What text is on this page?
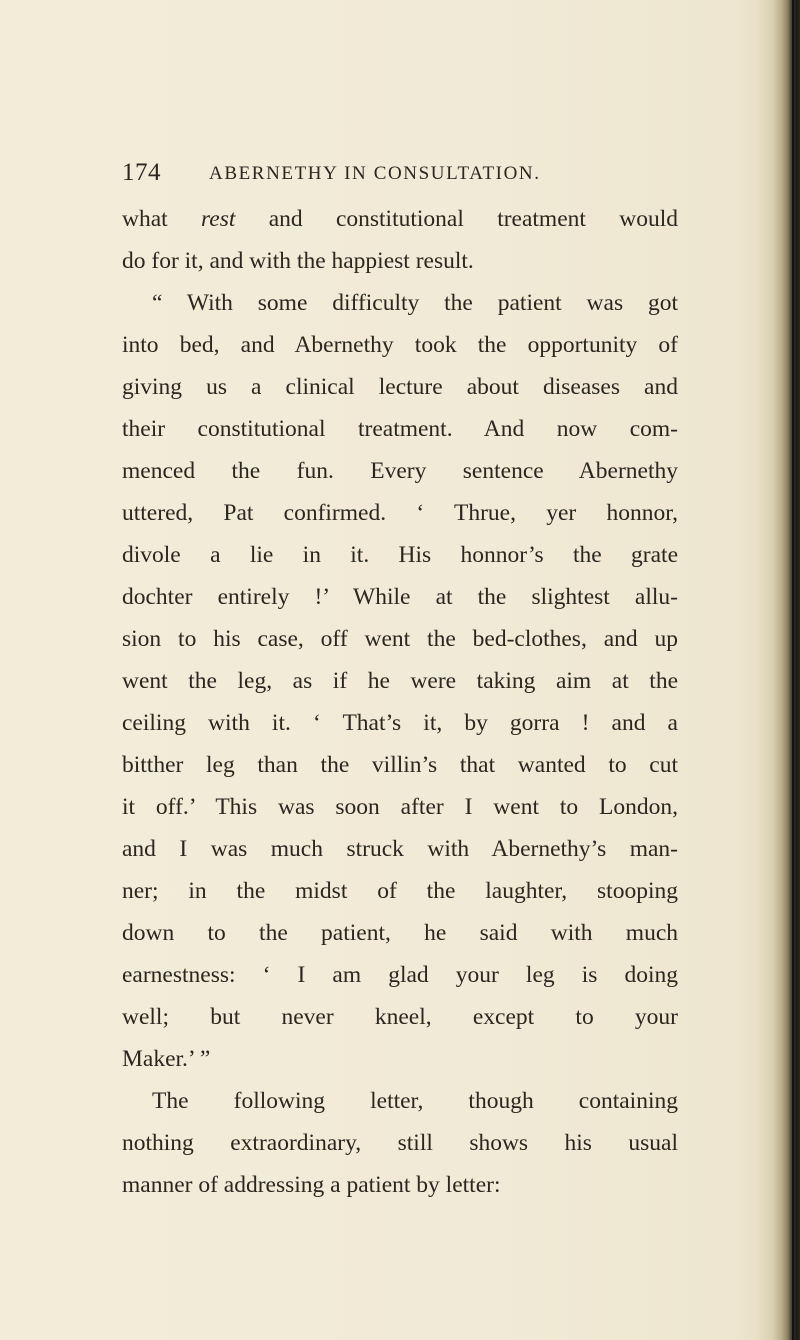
174	ABERNETHY IN CONSULTATION.
what rest and constitutional treatment would
do for it, and with the happiest result.
“ With some difficulty the patient was got
into bed, and Abernethy took the opportunity of
giving us a clinical lecture about diseases and
their constitutional treatment. And now com-
menced the fun. Every sentence Abernethy
uttered, Pat confirmed. ‘ Thrue, yer honnor,
divole a lie in it. His honnor’s the grate
dochter entirely !’ While at the slightest allu-
sion to his case, off went the bed-clothes, and up
went the leg, as if he were taking aim at the
ceiling with it. ‘ That’s it, by gorra ! and a
bitther leg than the villin’s that wanted to cut
it off.’ This was soon after I went to London,
and I was much struck with Abernethy’s man-
ner; in the midst of the laughter, stooping
down to the patient, he said with much
earnestness: ‘ I am glad your leg is doing
well; but never kneel, except to your
Maker.’ ”
The following letter, though containing
nothing extraordinary, still shows his usual
manner of addressing a patient by letter:
